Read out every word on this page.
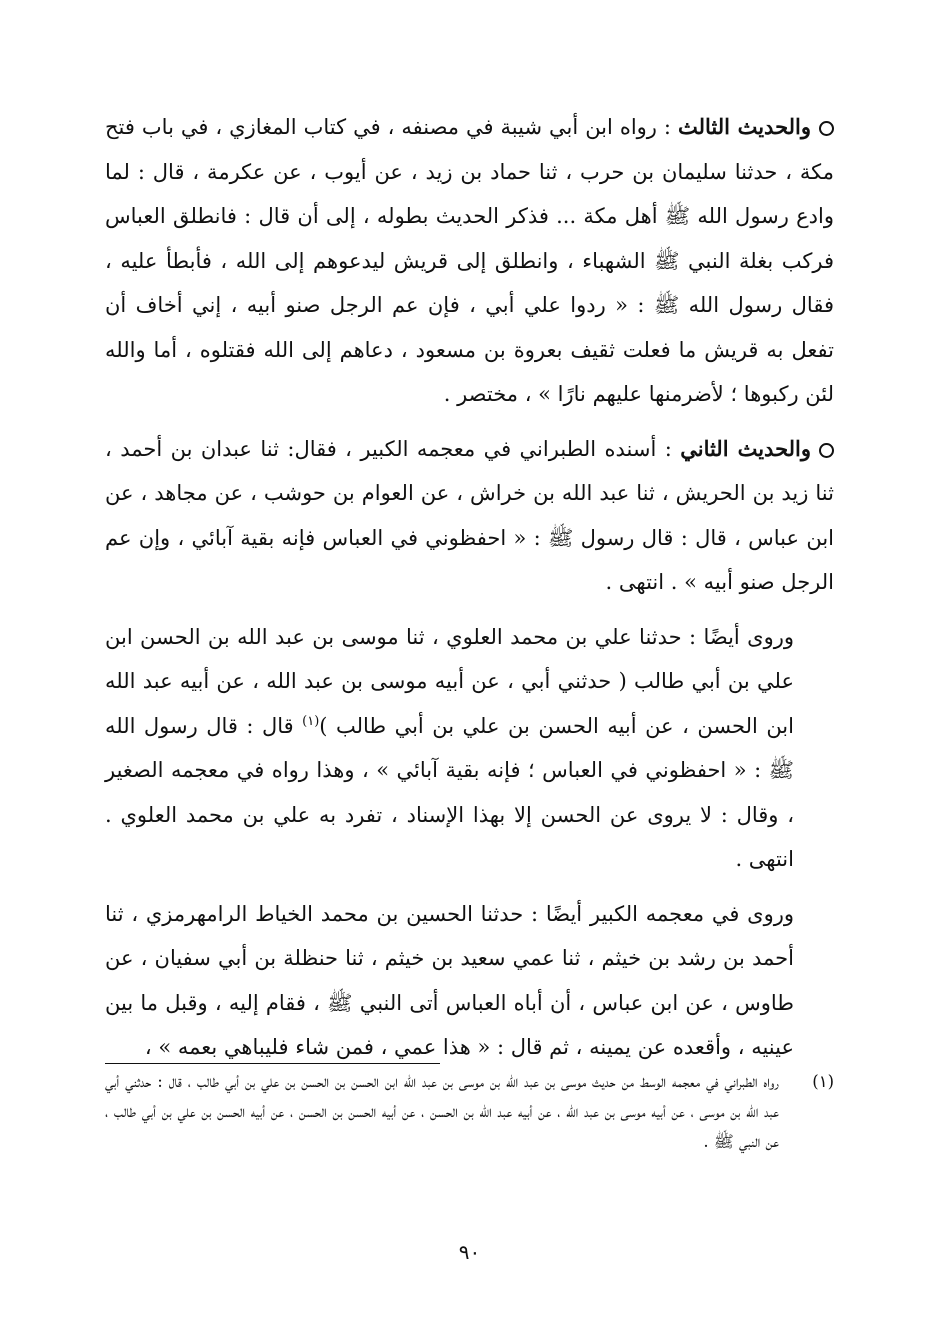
والحديث الثالث : رواه ابن أبي شيبة في مصنفه ، في كتاب المغازي ، في باب فتح مكة ، حدثنا سليمان بن حرب ، ثنا حماد بن زيد ، عن أيوب ، عن عكرمة ، قال : لما وادع رسول الله ﷺ أهل مكة ... فذكر الحديث بطوله ، إلى أن قال : فانطلق العباس فركب بغلة النبي ﷺ الشهباء ، وانطلق إلى قريش ليدعوهم إلى الله ، فأبطأ عليه ، فقال رسول الله ﷺ : « ردوا علي أبي ، فإن عم الرجل صنو أبيه ، إني أخاف أن تفعل به قريش ما فعلت ثقيف بعروة بن مسعود ، دعاهم إلى الله فقتلوه ، أما والله لئن ركبوها ؛ لأضرمنها عليهم نارًا » ، مختصر .

والحديث الثاني : أسنده الطبراني في معجمه الكبير ، فقال: ثنا عبدان بن أحمد ، ثنا زيد بن الحريش ، ثنا عبد الله بن خراش ، عن العوام بن حوشب ، عن مجاهد ، عن ابن عباس ، قال : قال رسول ﷺ : « احفظوني في العباس فإنه بقية آبائي ، وإن عم الرجل صنو أبيه » . انتهى .

وروى أيضًا : حدثنا علي بن محمد العلوي ، ثنا موسى بن عبد الله بن الحسن ابن علي بن أبي طالب ( حدثني أبي ، عن أبيه موسى بن عبد الله ، عن أبيه عبد الله ابن الحسن ، عن أبيه الحسن بن علي بن أبي طالب )$^{(١)}$ قال : قال رسول الله ﷺ : « احفظوني في العباس ؛ فإنه بقية آبائي » ، وهذا رواه في معجمه الصغير ، وقال : لا يروى عن الحسن إلا بهذا الإسناد ، تفرد به علي بن محمد العلوي . انتهى .

وروى في معجمه الكبير أيضًا : حدثنا الحسين بن محمد الخياط الرامهرمزي ، ثنا أحمد بن رشد بن خيثم ، ثنا عمي سعيد بن خيثم ، ثنا حنظلة بن أبي سفيان ، عن طاوس ، عن ابن عباس ، أن أباه العباس أتى النبي ﷺ ، فقام إليه ، وقبل ما بين عينيه ، وأقعده عن يمينه ، ثم قال : « هذا عمي ، فمن شاء فليباهي بعمه » ،

(١)
رواه الطبراني في معجمه الوسط من حديث موسى بن عبد الله بن موسى بن عبد الله ابن الحسن بن الحسن بن علي بن أبي طالب ، قال : حدثني أبي عبد الله بن موسى ، عن أبيه موسى بن عبد الله ، عن أبيه عبد الله بن الحسن ، عن أبيه الحسن بن الحسن ، عن أبيه الحسن بن علي بن أبي طالب ، عن النبي ﷺ .
٩٠
